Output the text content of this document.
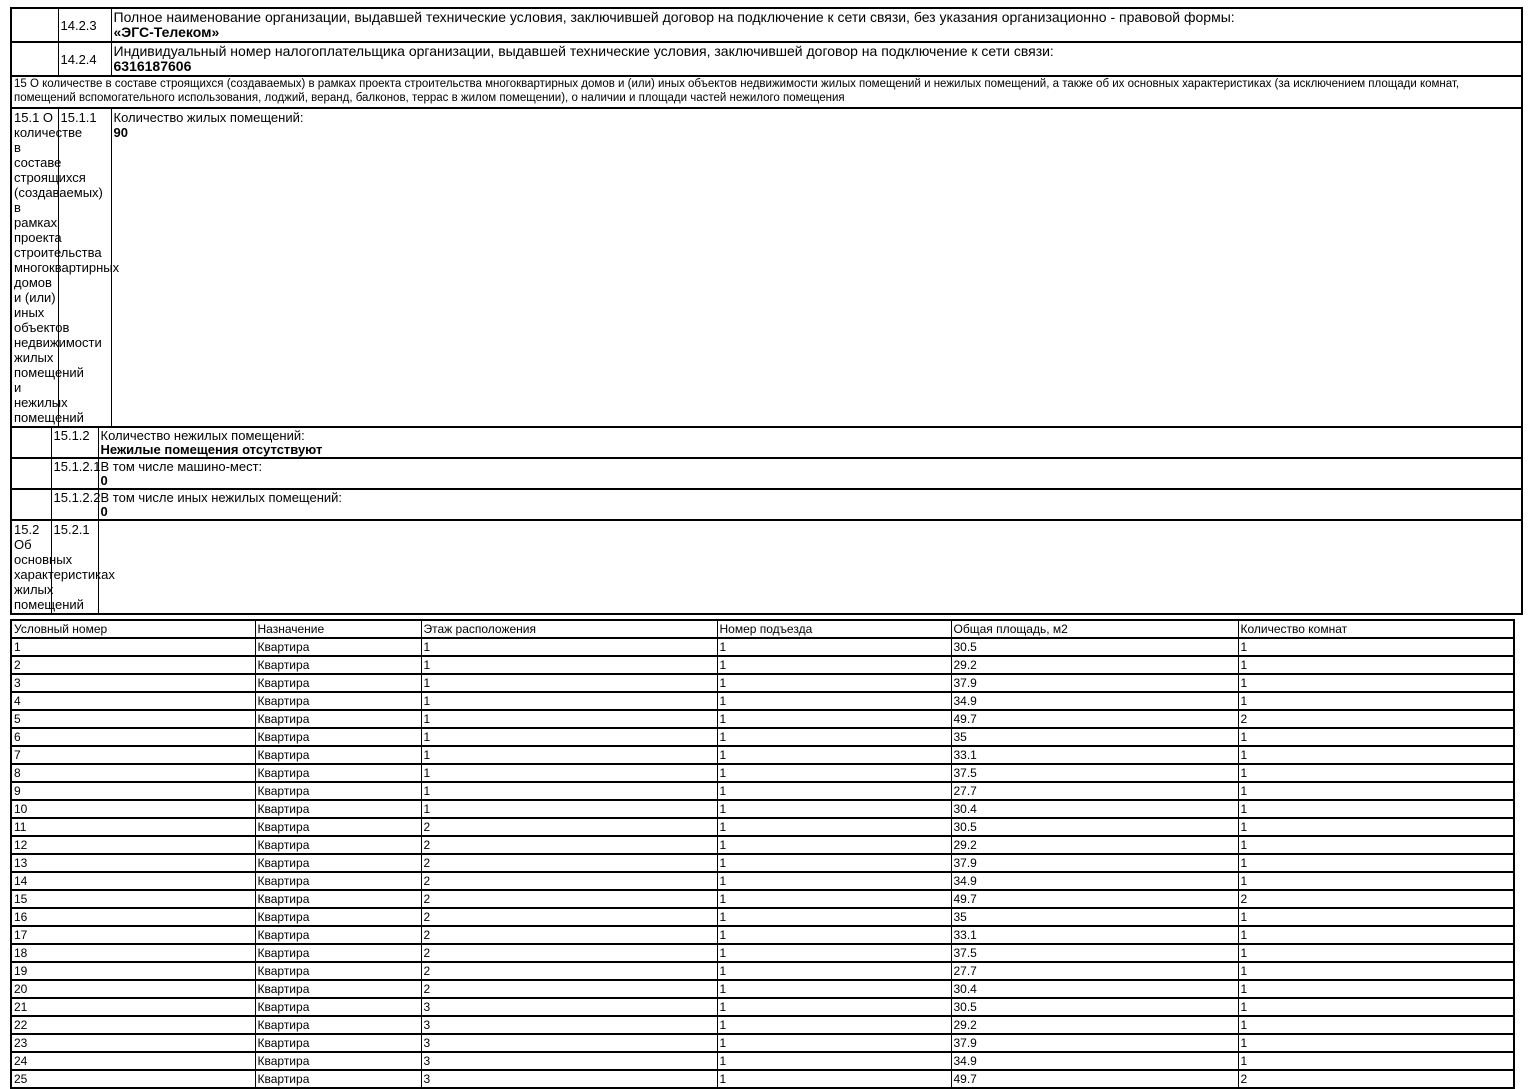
	14.2.3	Полное наименование организации, выдавшей технические условия, заключившей договор на подключение к сети связи, без указания организационно - правовой формы:
«ЭГС-Телеком»

	14.2.4	Индивидуальный номер налогоплательщика организации, выдавшей технические условия, заключившей договор на подключение к сети связи:
6316187606
15 О количестве в составе строящихся (создаваемых) в рамках проекта строительства многоквартирных домов и (или) иных объектов недвижимости жилых помещений и нежилых помещений, а также об их основных характеристиках (за исключением площади комнат, помещений вспомогательного использования, лоджий, веранд, балконов, террас в жилом помещении), о наличии и площади частей нежилого помещения
15.1 О количестве в составе строящихся (создаваемых) в рамках проекта строительства многоквартирных домов и (или) иных объектов недвижимости жилых помещений и нежилых помещений
	15.1.1	Количество жилых помещений:
90
	15.1.2	Количество нежилых помещений:
Нежилые помещения отсутствуют

	15.1.2.1	В том числе машино-мест:
0

	15.1.2.2	В том числе иных нежилых помещений:
0
15.2 Об основных характеристиках жилых помещений
	15.2.1	
Условный номер	Назначение	Этаж расположения	Номер подъезда	Общая площадь, м2	Количество комнат
1	Квартира	1	1	30.5	1
2	Квартира	1	1	29.2	1
3	Квартира	1	1	37.9	1
4	Квартира	1	1	34.9	1
5	Квартира	1	1	49.7	2
6	Квартира	1	1	35	1
7	Квартира	1	1	33.1	1
8	Квартира	1	1	37.5	1
9	Квартира	1	1	27.7	1
10	Квартира	1	1	30.4	1
11	Квартира	2	1	30.5	1
12	Квартира	2	1	29.2	1
13	Квартира	2	1	37.9	1
14	Квартира	2	1	34.9	1
15	Квартира	2	1	49.7	2
16	Квартира	2	1	35	1
17	Квартира	2	1	33.1	1
18	Квартира	2	1	37.5	1
19	Квартира	2	1	27.7	1
20	Квартира	2	1	30.4	1
21	Квартира	3	1	30.5	1
22	Квартира	3	1	29.2	1
23	Квартира	3	1	37.9	1
24	Квартира	3	1	34.9	1
25	Квартира	3	1	49.7	2
